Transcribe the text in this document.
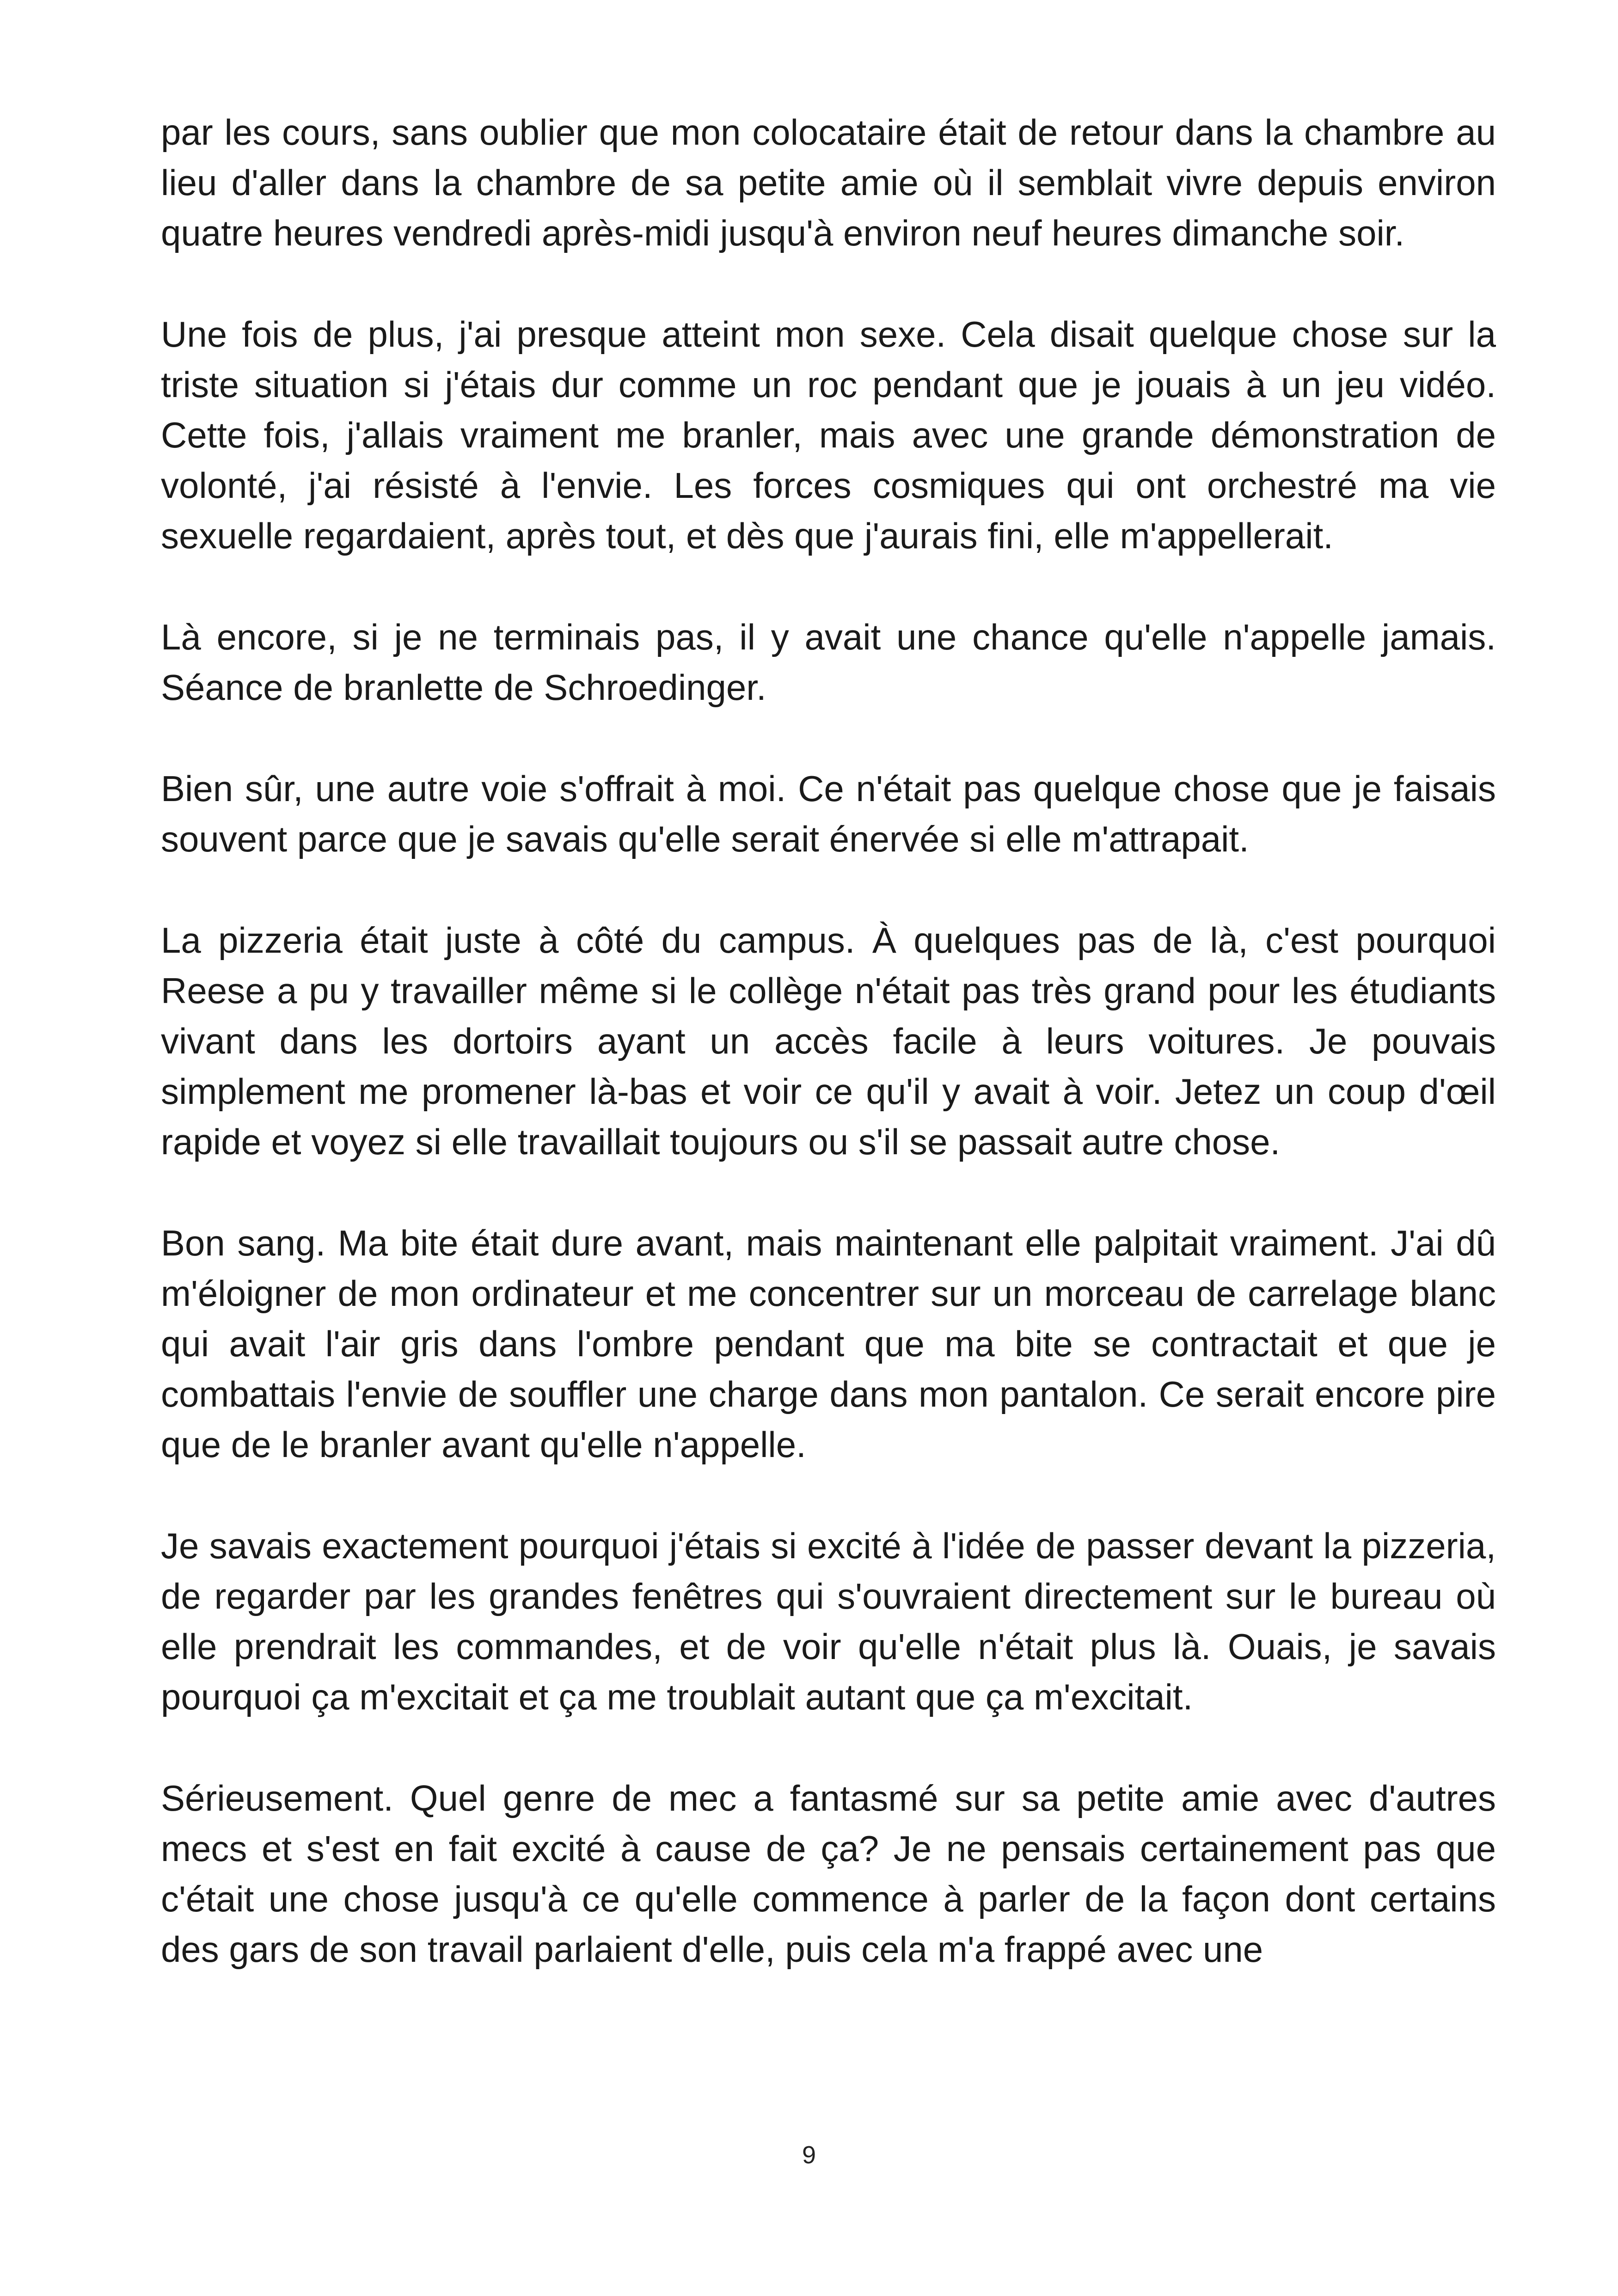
par les cours, sans oublier que mon colocataire était de retour dans la chambre au lieu d'aller dans la chambre de sa petite amie où il semblait vivre depuis environ quatre heures vendredi après-midi jusqu'à environ neuf heures dimanche soir.

Une fois de plus, j'ai presque atteint mon sexe. Cela disait quelque chose sur la triste situation si j'étais dur comme un roc pendant que je jouais à un jeu vidéo. Cette fois, j'allais vraiment me branler, mais avec une grande démonstration de volonté, j'ai résisté à l'envie. Les forces cosmiques qui ont orchestré ma vie sexuelle regardaient, après tout, et dès que j'aurais fini, elle m'appellerait.

Là encore, si je ne terminais pas, il y avait une chance qu'elle n'appelle jamais. Séance de branlette de Schroedinger.

Bien sûr, une autre voie s'offrait à moi. Ce n'était pas quelque chose que je faisais souvent parce que je savais qu'elle serait énervée si elle m'attrapait.

La pizzeria était juste à côté du campus. À quelques pas de là, c'est pourquoi Reese a pu y travailler même si le collège n'était pas très grand pour les étudiants vivant dans les dortoirs ayant un accès facile à leurs voitures. Je pouvais simplement me promener là-bas et voir ce qu'il y avait à voir. Jetez un coup d'œil rapide et voyez si elle travaillait toujours ou s'il se passait autre chose.

Bon sang. Ma bite était dure avant, mais maintenant elle palpitait vraiment. J'ai dû m'éloigner de mon ordinateur et me concentrer sur un morceau de carrelage blanc qui avait l'air gris dans l'ombre pendant que ma bite se contractait et que je combattais l'envie de souffler une charge dans mon pantalon. Ce serait encore pire que de le branler avant qu'elle n'appelle.

Je savais exactement pourquoi j'étais si excité à l'idée de passer devant la pizzeria, de regarder par les grandes fenêtres qui s'ouvraient directement sur le bureau où elle prendrait les commandes, et de voir qu'elle n'était plus là. Ouais, je savais pourquoi ça m'excitait et ça me troublait autant que ça m'excitait.

Sérieusement. Quel genre de mec a fantasmé sur sa petite amie avec d'autres mecs et s'est en fait excité à cause de ça? Je ne pensais certainement pas que c'était une chose jusqu'à ce qu'elle commence à parler de la façon dont certains des gars de son travail parlaient d'elle, puis cela m'a frappé avec une

9
